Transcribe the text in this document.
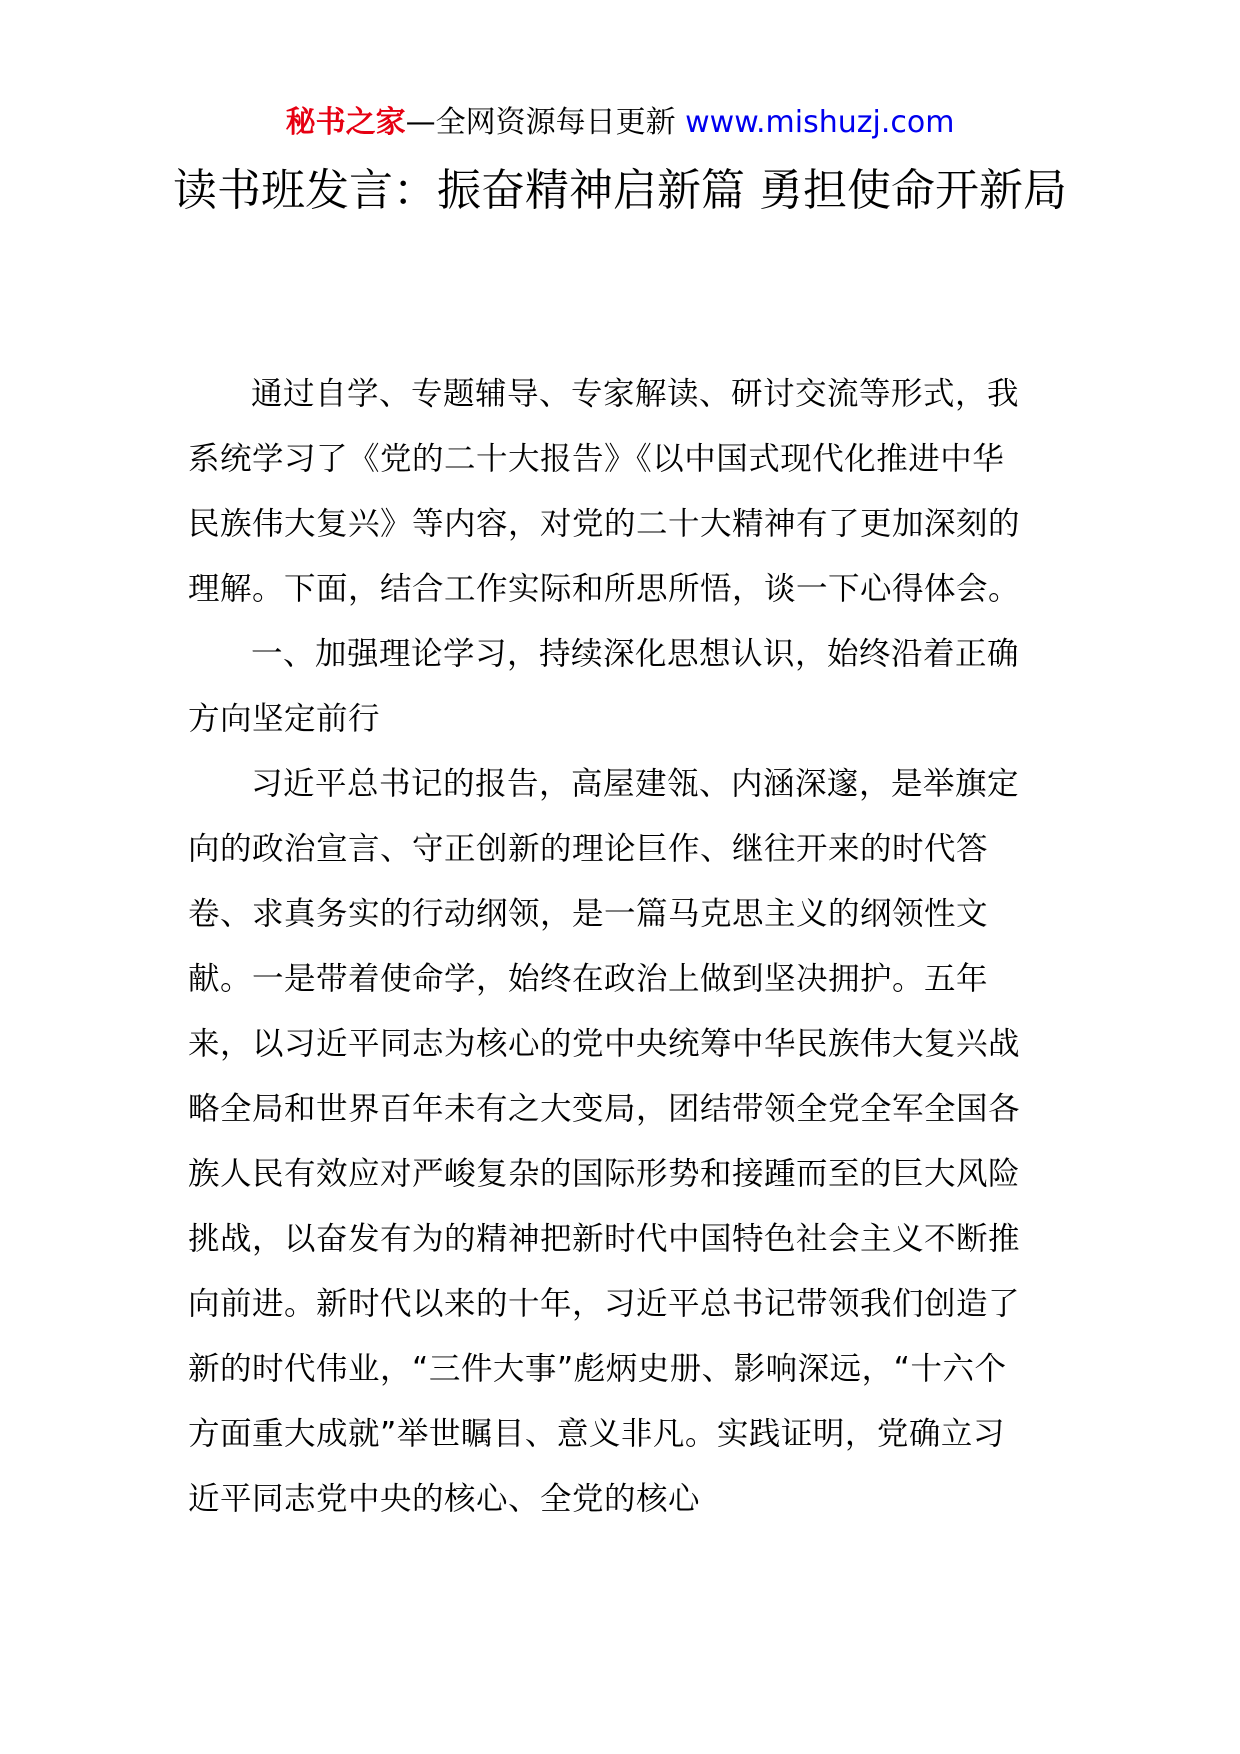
秘书之家—全网资源每日更新 www.mishuzj.com
读书班发言：振奋精神启新篇 勇担使命开新局

通过自学、专题辅导、专家解读、研讨交流等形式，我系统学习了《党的二十大报告》《以中国式现代化推进中华民族伟大复兴》等内容，对党的二十大精神有了更加深刻的理解。下面，结合工作实际和所思所悟，谈一下心得体会。

一、加强理论学习，持续深化思想认识，始终沿着正确方向坚定前行

习近平总书记的报告，高屋建瓴、内涵深邃，是举旗定向的政治宣言、守正创新的理论巨作、继往开来的时代答卷、求真务实的行动纲领，是一篇马克思主义的纲领性文献。一是带着使命学，始终在政治上做到坚决拥护。五年来，以习近平同志为核心的党中央统筹中华民族伟大复兴战略全局和世界百年未有之大变局，团结带领全党全军全国各族人民有效应对严峻复杂的国际形势和接踵而至的巨大风险挑战，以奋发有为的精神把新时代中国特色社会主义不断推向前进。新时代以来的十年，习近平总书记带领我们创造了新的时代伟业，“三件大事”彪炳史册、影响深远，“十六个方面重大成就”举世瞩目、意义非凡。实践证明，党确立习近平同志党中央的核心、全党的核心
